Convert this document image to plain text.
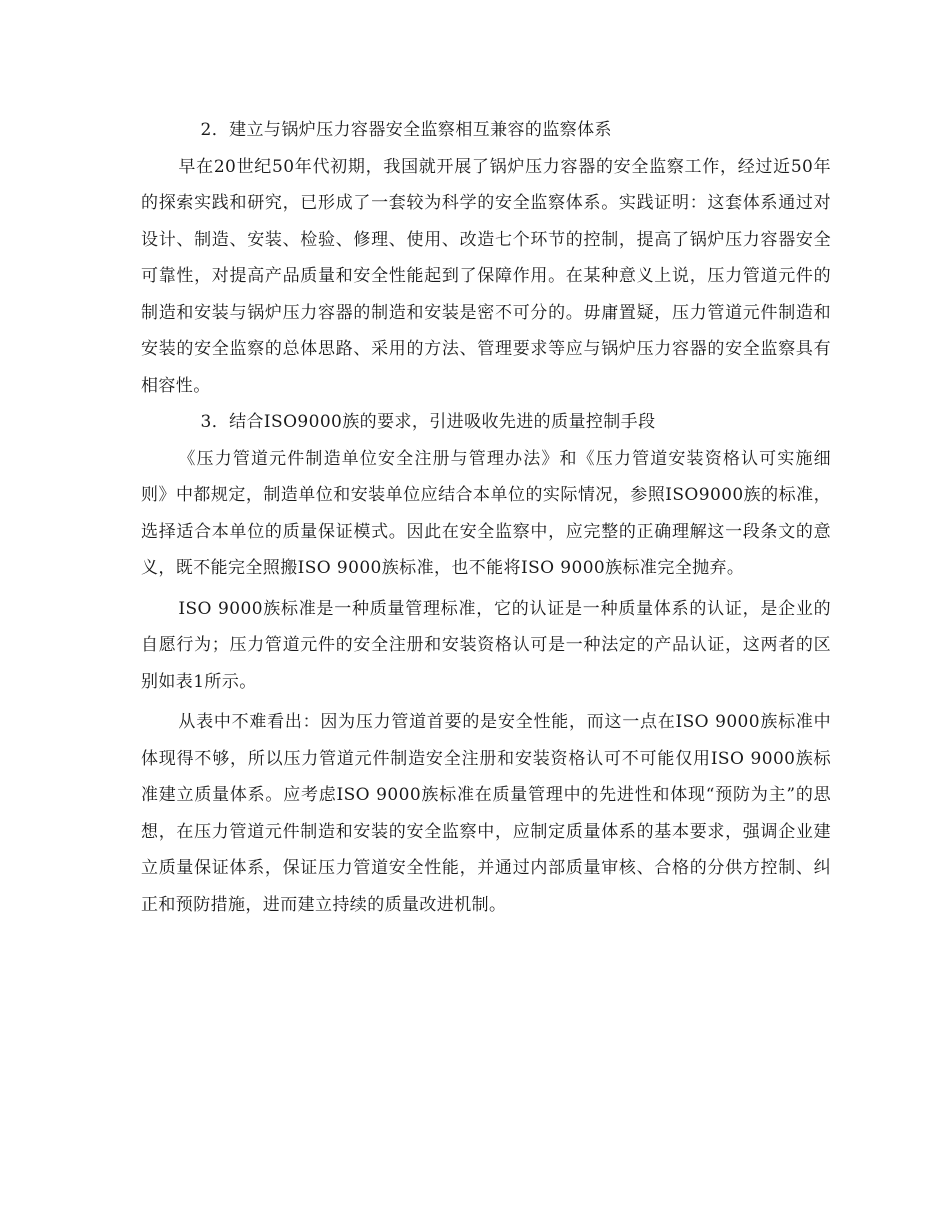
2．建立与锅炉压力容器安全监察相互兼容的监察体系

早在20世纪50年代初期，我国就开展了锅炉压力容器的安全监察工作，经过近50年的探索实践和研究，已形成了一套较为科学的安全监察体系。实践证明：这套体系通过对设计、制造、安装、检验、修理、使用、改造七个环节的控制，提高了锅炉压力容器安全可靠性，对提高产品质量和安全性能起到了保障作用。在某种意义上说，压力管道元件的制造和安装与锅炉压力容器的制造和安装是密不可分的。毋庸置疑，压力管道元件制造和安装的安全监察的总体思路、采用的方法、管理要求等应与锅炉压力容器的安全监察具有相容性。

3．结合ISO9000族的要求，引进吸收先进的质量控制手段

《压力管道元件制造单位安全注册与管理办法》和《压力管道安装资格认可实施细则》中都规定，制造单位和安装单位应结合本单位的实际情况，参照ISO9000族的标准，选择适合本单位的质量保证模式。因此在安全监察中，应完整的正确理解这一段条文的意义，既不能完全照搬ISO 9000族标准，也不能将ISO 9000族标准完全抛弃。

ISO 9000族标准是一种质量管理标准，它的认证是一种质量体系的认证，是企业的自愿行为；压力管道元件的安全注册和安装资格认可是一种法定的产品认证，这两者的区别如表1所示。

从表中不难看出：因为压力管道首要的是安全性能，而这一点在ISO 9000族标准中体现得不够，所以压力管道元件制造安全注册和安装资格认可不可能仅用ISO 9000族标准建立质量体系。应考虑ISO 9000族标准在质量管理中的先进性和体现“预防为主”的思想，在压力管道元件制造和安装的安全监察中，应制定质量体系的基本要求，强调企业建立质量保证体系，保证压力管道安全性能，并通过内部质量审核、合格的分供方控制、纠正和预防措施，进而建立持续的质量改进机制。
